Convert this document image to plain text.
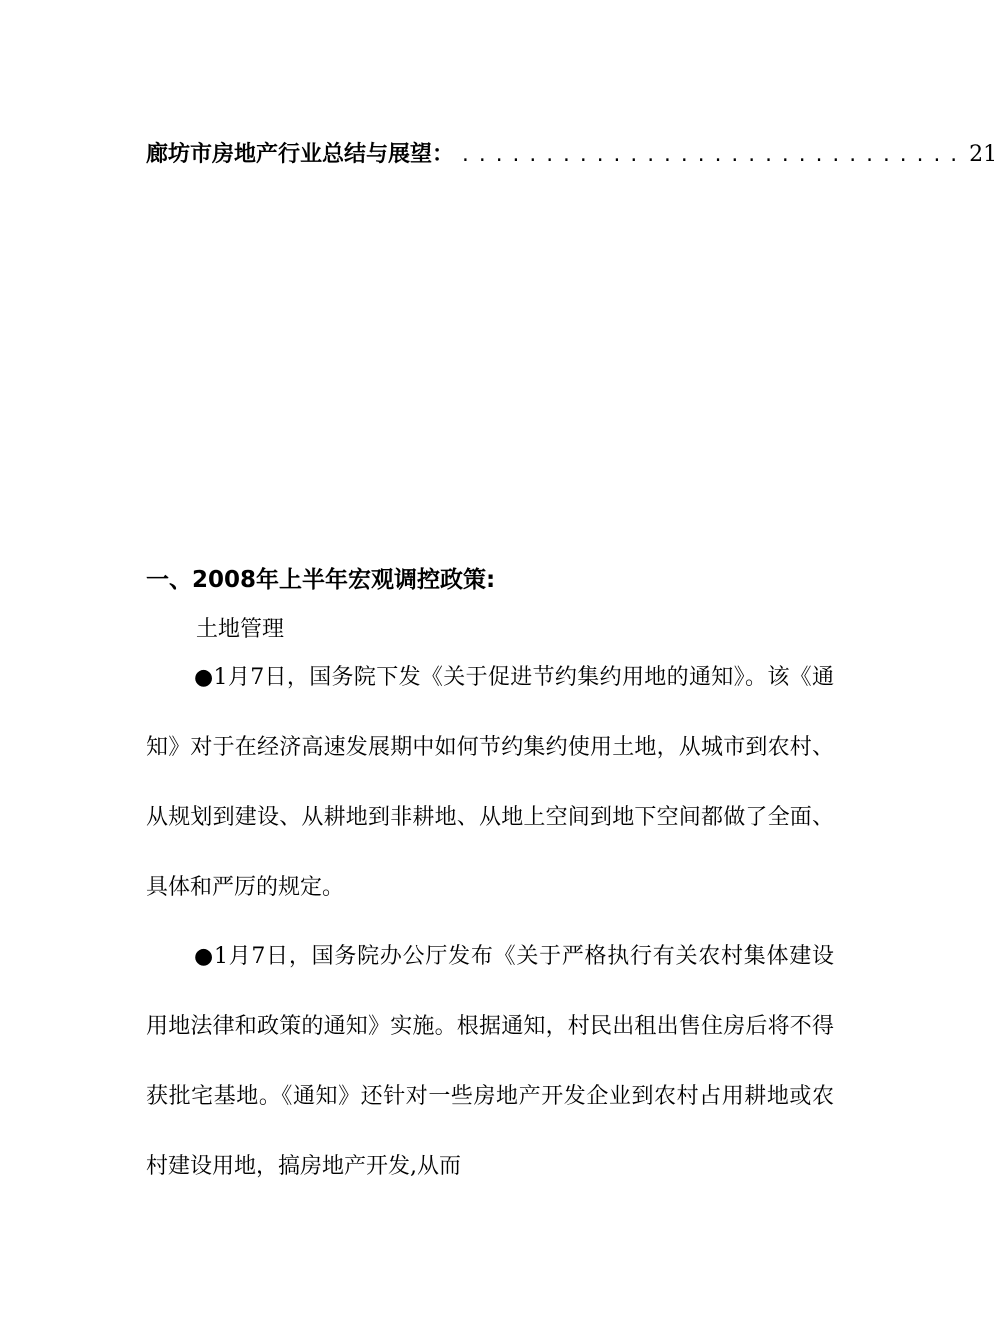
廊坊市房地产行业总结与展望： .............................. 21
一、2008年上半年宏观调控政策:
土地管理

●1月7日，国务院下发《关于促进节约集约用地的通知》。该《通知》对于在经济高速发展期中如何节约集约使用土地，从城市到农村、从规划到建设、从耕地到非耕地、从地上空间到地下空间都做了全面、具体和严厉的规定。

●1月7日，国务院办公厅发布《关于严格执行有关农村集体建设用地法律和政策的通知》实施。根据通知，村民出租出售住房后将不得获批宅基地。《通知》还针对一些房地产开发企业到农村占用耕地或农村建设用地，搞房地产开发,从而
